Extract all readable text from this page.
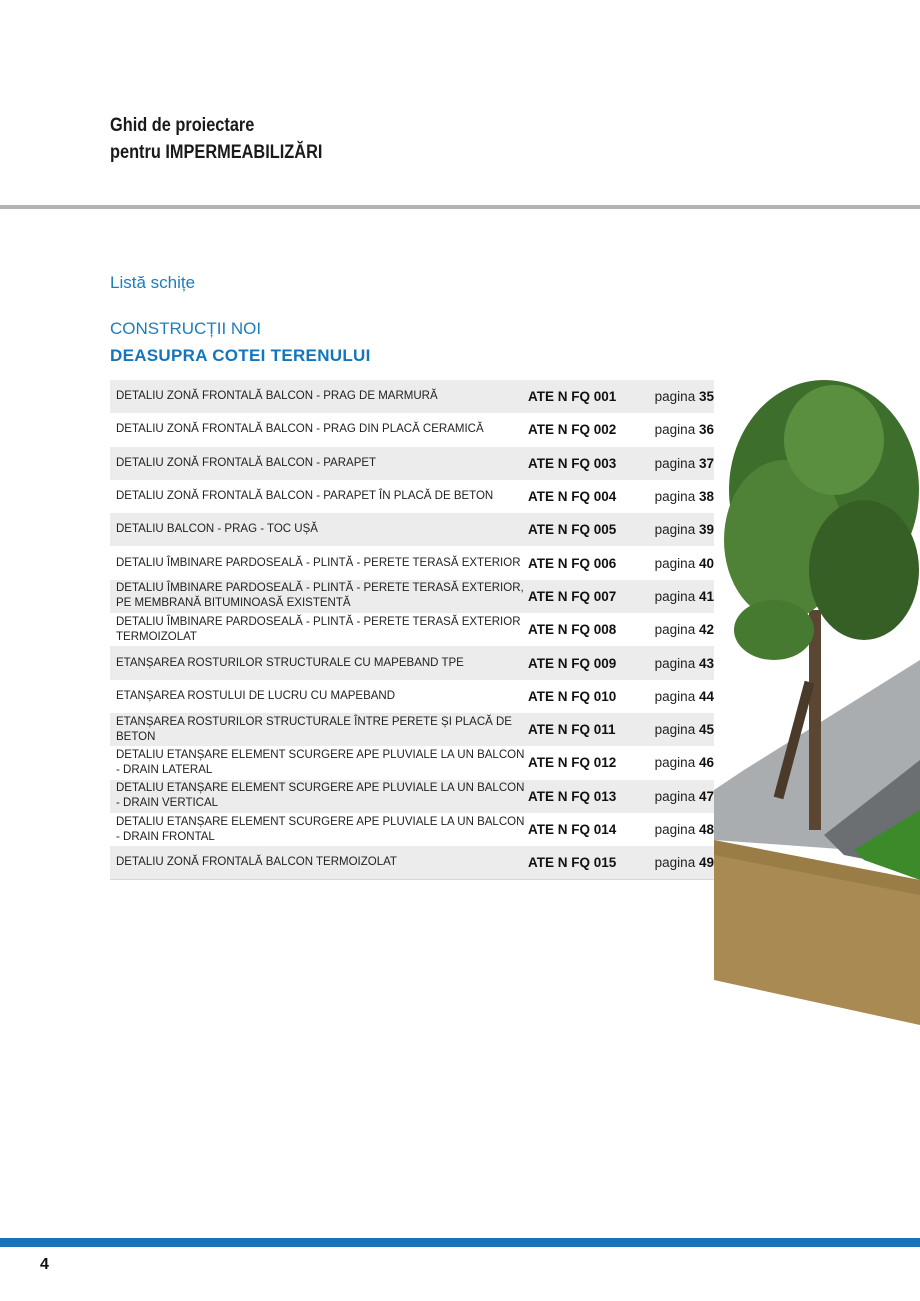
Ghid de proiectare
pentru IMPERMEABILIZĂRI
Listă schițe
CONSTRUCȚII NOI
DEASUPRA COTEI TERENULUI
DETALIU ZONĂ FRONTALĂ BALCON - PRAG DE MARMURĂ	ATE N FQ 001	pagina 35
DETALIU ZONĂ FRONTALĂ BALCON - PRAG DIN PLACĂ CERAMICĂ	ATE N FQ 002	pagina 36
DETALIU ZONĂ FRONTALĂ BALCON - PARAPET	ATE N FQ 003	pagina 37
DETALIU ZONĂ FRONTALĂ BALCON - PARAPET ÎN PLACĂ DE BETON	ATE N FQ 004	pagina 38
DETALIU BALCON - PRAG - TOC UȘĂ	ATE N FQ 005	pagina 39
DETALIU ÎMBINARE PARDOSEALĂ - PLINTĂ - PERETE TERASĂ EXTERIOR ATE N FQ 006	pagina 40
DETALIU ÎMBINARE PARDOSEALĂ - PLINTĂ - PERETE TERASĂ EXTERIOR, PE MEMBRANĂ BITUMINOASĂ EXISTENTĂ	ATE N FQ 007	pagina 41
DETALIU ÎMBINARE PARDOSEALĂ - PLINTĂ - PERETE TERASĂ EXTERIOR TERMOIZOLAT	ATE N FQ 008	pagina 42
ETANȘAREA ROSTURILOR STRUCTURALE CU MAPEBAND TPE	ATE N FQ 009	pagina 43
ETANȘAREA ROSTULUI DE LUCRU CU MAPEBAND	ATE N FQ 010	pagina 44
ETANȘAREA ROSTURILOR STRUCTURALE ÎNTRE PERETE ȘI PLACĂ DE BETON	ATE N FQ 011	pagina 45
DETALIU ETANȘARE ELEMENT SCURGERE APE PLUVIALE LA UN BALCON - DRAIN LATERAL	ATE N FQ 012	pagina 46
DETALIU ETANȘARE ELEMENT SCURGERE APE PLUVIALE LA UN BALCON - DRAIN VERTICAL	ATE N FQ 013	pagina 47
DETALIU ETANȘARE ELEMENT SCURGERE APE PLUVIALE LA UN BALCON - DRAIN FRONTAL	ATE N FQ 014	pagina 48
DETALIU ZONĂ FRONTALĂ BALCON TERMOIZOLAT	ATE N FQ 015	pagina 49
4
